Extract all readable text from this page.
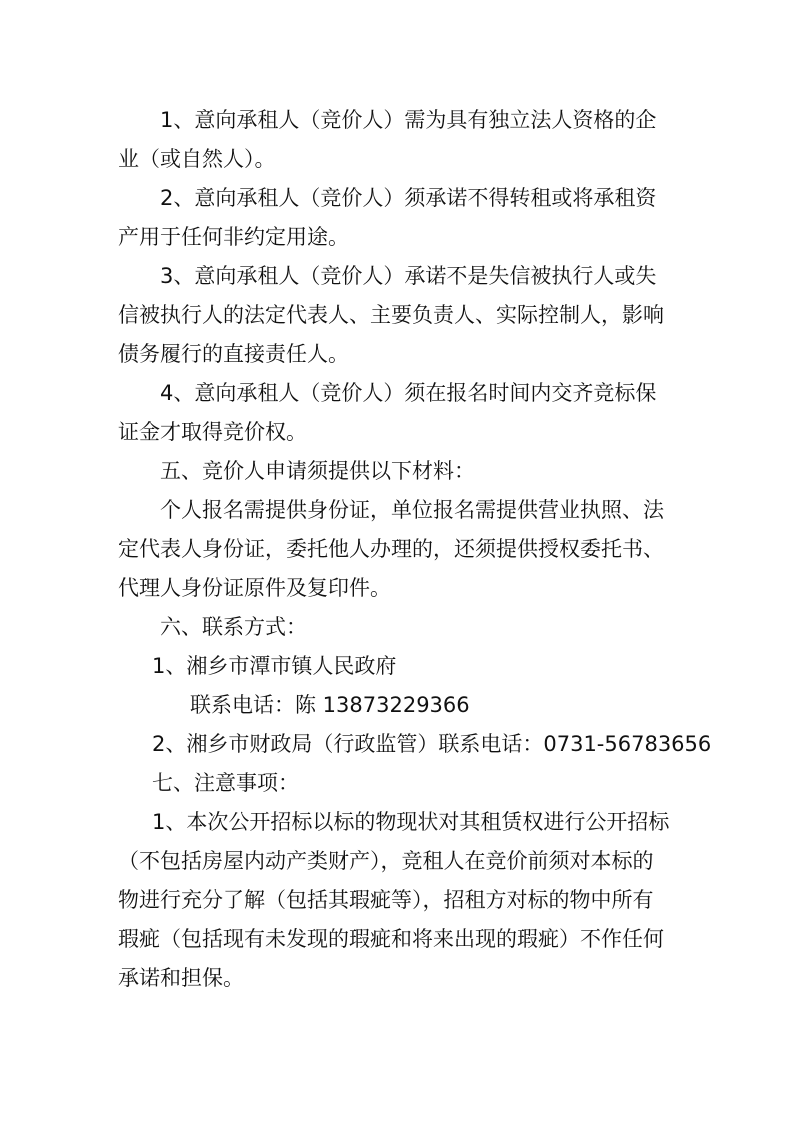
1、意向承租人（竞价人）需为具有独立法人资格的企
业（或自然人）。
2、意向承租人（竞价人）须承诺不得转租或将承租资
产用于任何非约定用途。
3、意向承租人（竞价人）承诺不是失信被执行人或失
信被执行人的法定代表人、主要负责人、实际控制人，影响
债务履行的直接责任人。
4、意向承租人（竞价人）须在报名时间内交齐竞标保
证金才取得竞价权。
五、竞价人申请须提供以下材料：
个人报名需提供身份证，单位报名需提供营业执照、法
定代表人身份证，委托他人办理的，还须提供授权委托书、
代理人身份证原件及复印件。
六、联系方式：
1、湘乡市潭市镇人民政府
联系电话：陈 13873229366
2、湘乡市财政局（行政监管）联系电话：0731-56783656
七、注意事项：
1、本次公开招标以标的物现状对其租赁权进行公开招标
（不包括房屋内动产类财产），竞租人在竞价前须对本标的
物进行充分了解（包括其瑕疵等），招租方对标的物中所有
瑕疵（包括现有未发现的瑕疵和将来出现的瑕疵）不作任何
承诺和担保。
